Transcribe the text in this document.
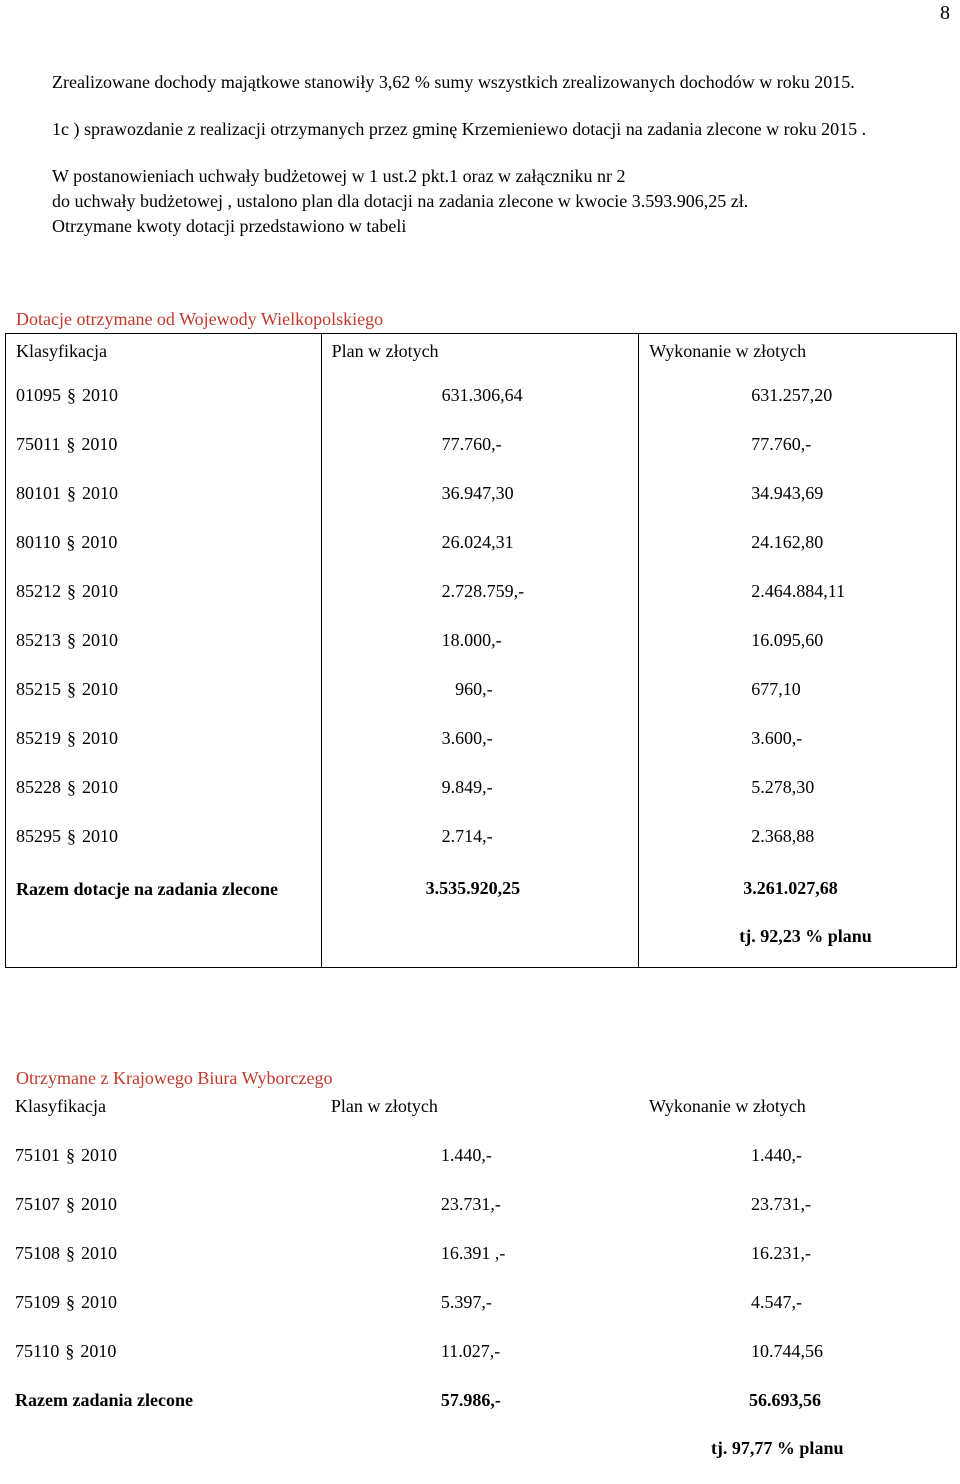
8

Zrealizowane dochody majątkowe stanowiły 3,62 % sumy wszystkich zrealizowanych dochodów w roku 2015.

1c ) sprawozdanie z realizacji otrzymanych przez gminę Krzemieniewo dotacji na zadania zlecone w roku 2015 .

W postanowieniach uchwały budżetowej w 1 ust.2 pkt.1 oraz w załączniku nr 2

do uchwały budżetowej , ustalono plan dla dotacji na zadania zlecone w kwocie 3.593.906,25 zł.

Otrzymane kwoty dotacji przedstawiono w tabeli

Dotacje otrzymane od Wojewody Wielkopolskiego
Klasyfikacja	Plan w złotych	Wykonanie w złotych
01095 § 2010	631.306,64	631.257,20
75011 § 2010	77.760,-	77.760,-
80101 § 2010	36.947,30	34.943,69
80110 § 2010	26.024,31	24.162,80
85212 § 2010	2.728.759,-	2.464.884,11
85213 § 2010	18.000,-	16.095,60
85215 § 2010	960,-	677,10
85219 § 2010	3.600,-	3.600,-
85228 § 2010	9.849,-	5.278,30
85295 § 2010	2.714,-	2.368,88
Razem dotacje na zadania zlecone	3.535.920,25	3.261.027,68
tj. 92,23 % planu
Otrzymane z Krajowego Biura Wyborczego
Klasyfikacja	Plan w złotych	Wykonanie w złotych
75101 § 2010	1.440,-	1.440,-
75107 § 2010	23.731,-	23.731,-
75108 § 2010	16.391 ,-	16.231,-
75109 § 2010	5.397,-	4.547,-
75110 § 2010	11.027,-	10.744,56
Razem zadania zlecone	57.986,-	56.693,56
tj. 97,77 % planu
